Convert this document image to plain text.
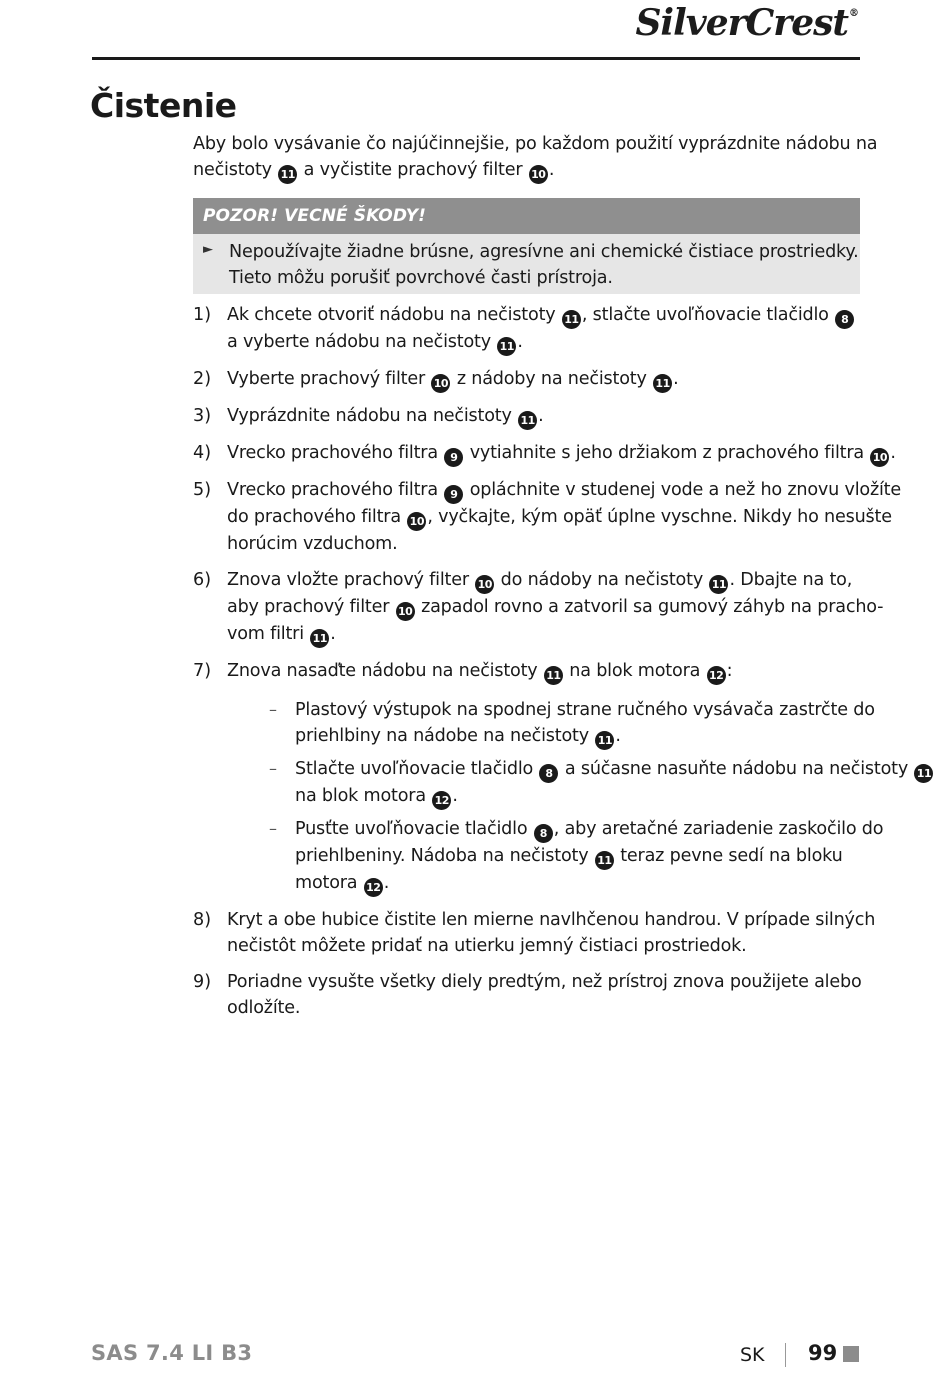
SilverCrest®
Čistenie
Aby bolo vysávanie čo najúčinnejšie, po každom použití vyprázdnite nádobu na
nečistoty 11 a vyčistite prachový filter 10 .
POZOR! VECNÉ ŠKODY!
► Nepoužívajte žiadne brúsne, agresívne ani chemické čistiace prostriedky.
Tieto môžu porušiť povrchové časti prístroja.
1) Ak chcete otvoriť nádobu na nečistoty 11 , stlačte uvoľňovacie tlačidlo 8
a vyberte nádobu na nečistoty 11 .
2) Vyberte prachový filter 10 z nádoby na nečistoty 11 .
3) Vyprázdnite nádobu na nečistoty 11 .
4) Vrecko prachového filtra 9 vytiahnite s jeho držiakom z prachového filtra 10 .
5) Vrecko prachového filtra 9 opláchnite v studenej vode a než ho znovu vložíte
do prachového filtra 10 , vyčkajte, kým opäť úplne vyschne. Nikdy ho nesušte
horúcim vzduchom.
6) Znova vložte prachový filter 10 do nádoby na nečistoty 11 . Dbajte na to,
aby prachový filter 10 zapadol rovno a zatvoril sa gumový záhyb na pracho-
vom filtri 11 .
7) Znova nasaďte nádobu na nečistoty 11 na blok motora 12 :
–	Plastový výstupok na spodnej strane ručného vysávača zastrčte do
priehlbiny na nádobe na nečistoty 11 .
–	Stlačte uvoľňovacie tlačidlo 8 a súčasne nasuňte nádobu na nečistoty 11
na blok motora 12 .
–	Pusťte uvoľňovacie tlačidlo 8 , aby aretačné zariadenie zaskočilo do
priehlbeniny. Nádoba na nečistoty 11 teraz pevne sedí na bloku
motora 12 .
8) Kryt a obe hubice čistite len mierne navlhčenou handrou. V prípade silných
nečistôt môžete pridať na utierku jemný čistiaci prostriedok.
9) Poriadne vysušte všetky diely predtým, než prístroj znova použijete alebo
odložíte.
SAS 7.4 LI B3	SK 99
